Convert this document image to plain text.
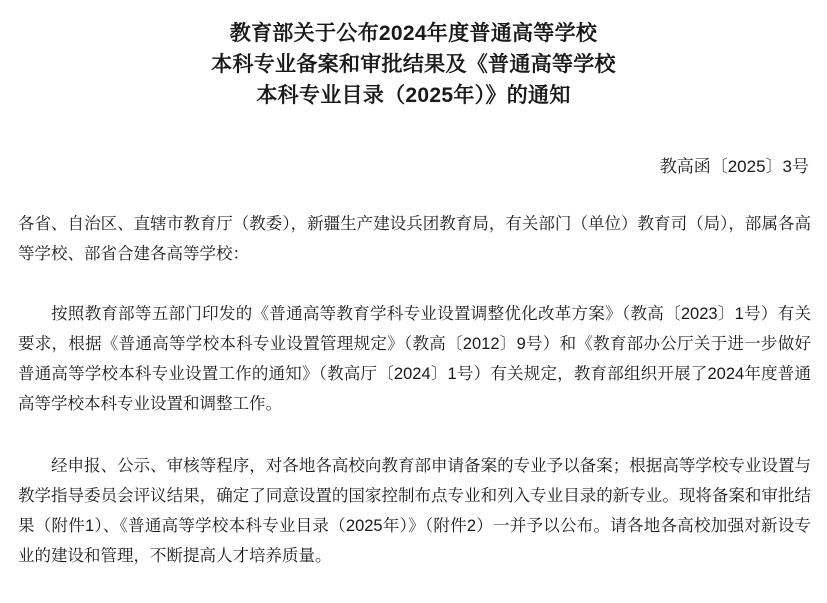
教育部关于公布2024年度普通高等学校
本科专业备案和审批结果及《普通高等学校
本科专业目录（2025年）》的通知
教高函〔2025〕3号

各省、自治区、直辖市教育厅（教委），新疆生产建设兵团教育局，有关部门（单位）教育司（局），部属各高等学校、部省合建各高等学校：

按照教育部等五部门印发的《普通高等教育学科专业设置调整优化改革方案》（教高〔2023〕1号）有关要求，根据《普通高等学校本科专业设置管理规定》（教高〔2012〕9号）和《教育部办公厅关于进一步做好普通高等学校本科专业设置工作的通知》（教高厅〔2024〕1号）有关规定，教育部组织开展了2024年度普通高等学校本科专业设置和调整工作。

经申报、公示、审核等程序，对各地各高校向教育部申请备案的专业予以备案；根据高等学校专业设置与教学指导委员会评议结果，确定了同意设置的国家控制布点专业和列入专业目录的新专业。现将备案和审批结果（附件1）、《普通高等学校本科专业目录（2025年）》（附件2）一并予以公布。请各地各高校加强对新设专业的建设和管理，不断提高人才培养质量。
